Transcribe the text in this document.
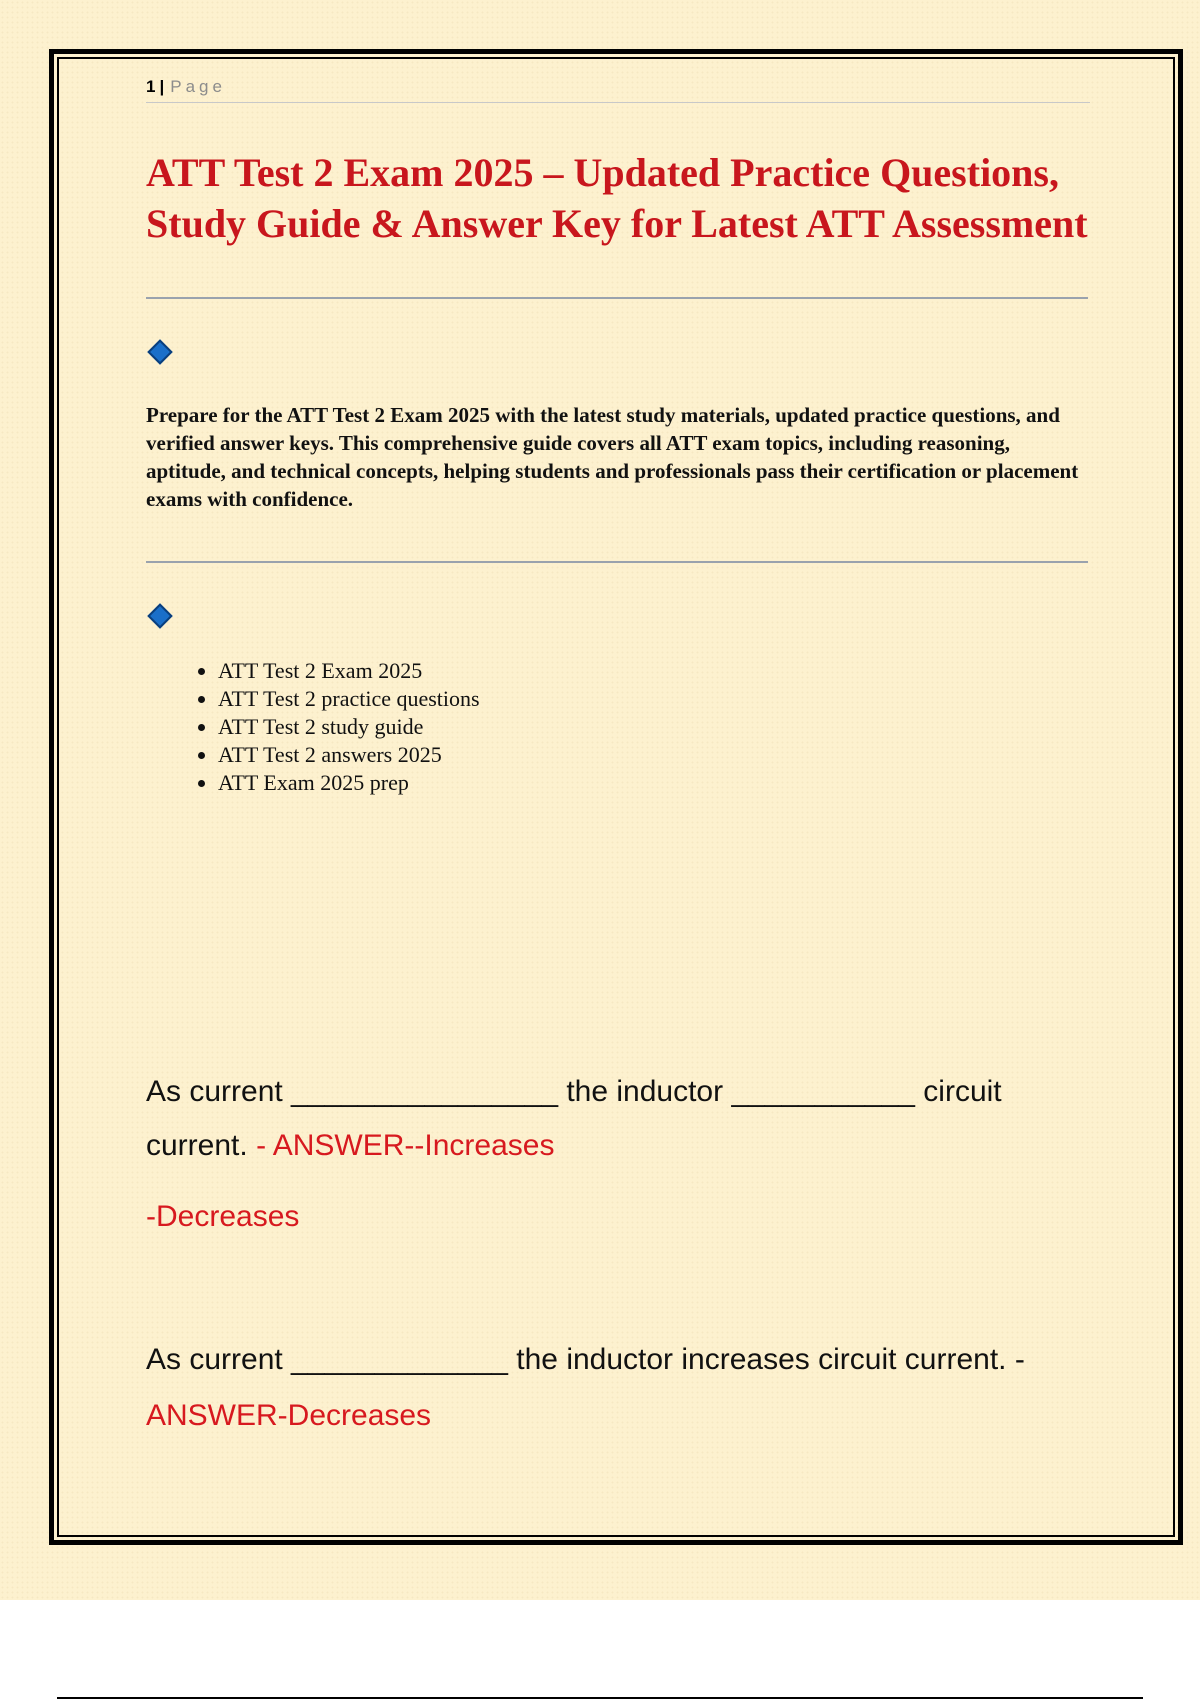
1 | Page
ATT Test 2 Exam 2025 – Updated Practice Questions, Study Guide & Answer Key for Latest ATT Assessment

Prepare for the ATT Test 2 Exam 2025 with the latest study materials, updated practice questions, and verified answer keys. This comprehensive guide covers all ATT exam topics, including reasoning, aptitude, and technical concepts, helping students and professionals pass their certification or placement exams with confidence.

• ATT Test 2 Exam 2025
• ATT Test 2 practice questions
• ATT Test 2 study guide
• ATT Test 2 answers 2025
• ATT Exam 2025 prep
As current ________________ the inductor ___________ circuit current. - ANSWER--Increases
-Decreases
As current _____________ the inductor increases circuit current. -
ANSWER-Decreases
